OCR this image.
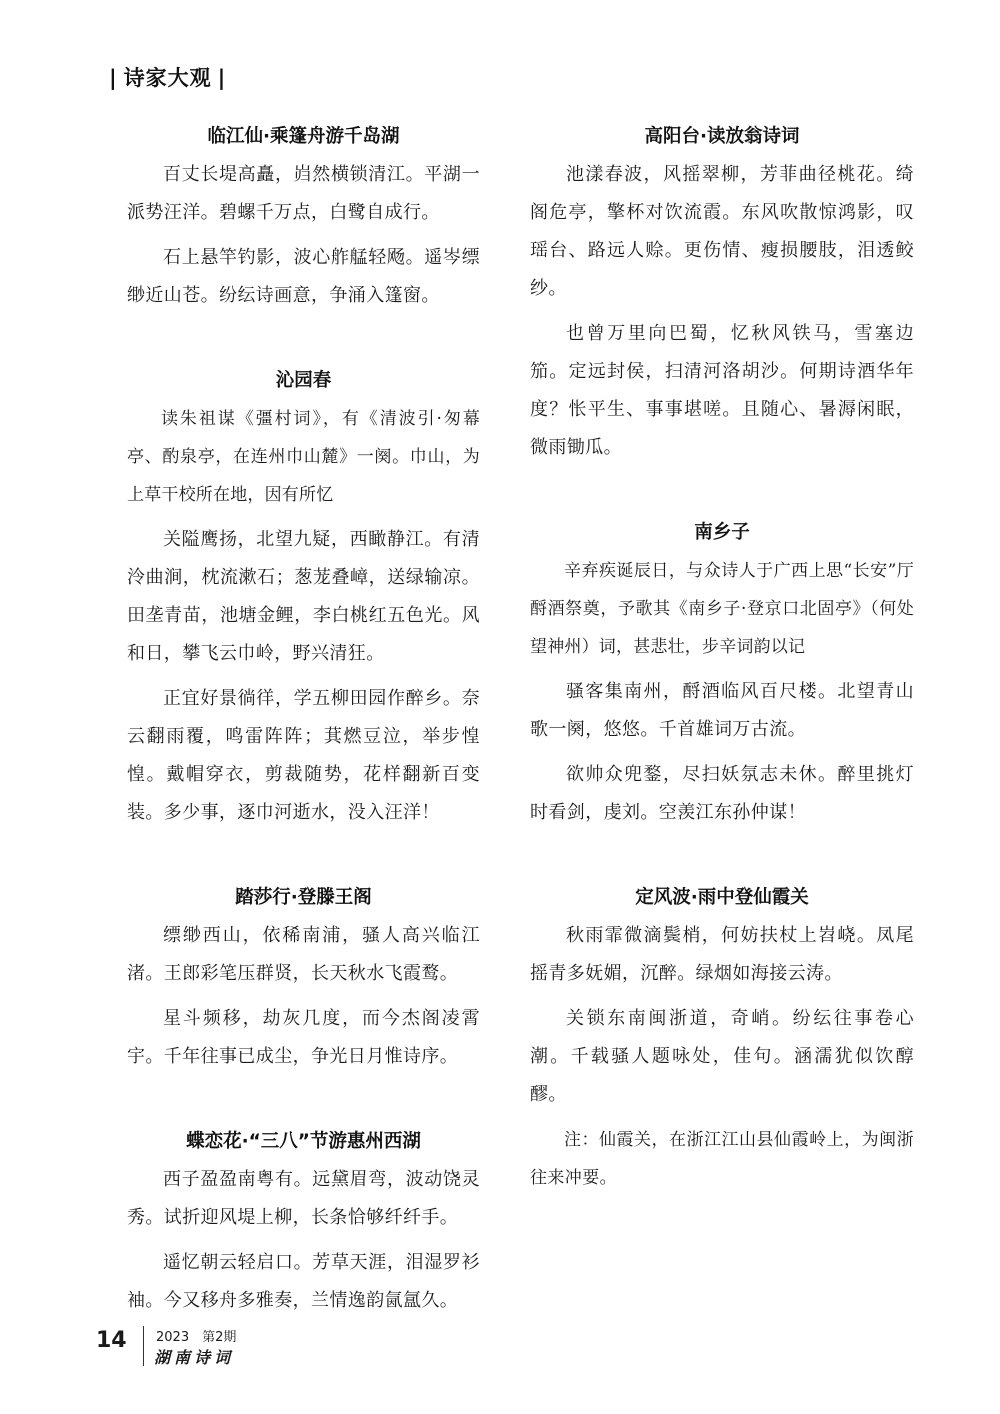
| 诗家大观 |

临江仙·乘篷舟游千岛湖

百丈长堤高矗，岿然横锁清江。平湖一派势汪洋。碧螺千万点，白鹭自成行。

石上悬竿钓影，波心舴艋轻飏。遥岑缥缈近山苍。纷纭诗画意，争涌入篷窗。

沁园春

读朱祖谋《彊村词》，有《清波引·匆幕亭、酌泉亭，在连州巾山麓》一阕。巾山，为上草干校所在地，因有所忆

关隘鹰扬，北望九疑，西瞰静江。有清泠曲涧，枕流漱石；葱茏叠嶂，送绿输凉。田垄青苗，池塘金鲤，李白桃红五色光。风和日，攀飞云巾岭，野兴清狂。

正宜好景徜徉，学五柳田园作醉乡。奈云翻雨覆，鸣雷阵阵；萁燃豆泣，举步惶惶。戴帽穿衣，剪裁随势，花样翻新百变装。多少事，逐巾河逝水，没入汪洋！

踏莎行·登滕王阁

缥缈西山，依稀南浦，骚人高兴临江渚。王郎彩笔压群贤，长天秋水飞霞鹜。

星斗频移，劫灰几度，而今杰阁凌霄宇。千年往事已成尘，争光日月惟诗序。

蝶恋花·“三八”节游惠州西湖

西子盈盈南粤有。远黛眉弯，波动饶灵秀。试折迎风堤上柳，长条恰够纤纤手。

遥忆朝云轻启口。芳草天涯，泪湿罗衫袖。今又移舟多雅奏，兰情逸韵氤氲久。

高阳台·读放翁诗词

池漾春波，风摇翠柳，芳菲曲径桃花。绮阁危亭，擎杯对饮流霞。东风吹散惊鸿影，叹瑶台、路远人赊。更伤情、瘦损腰肢，泪透鲛纱。

也曾万里向巴蜀，忆秋风铁马，雪塞边笳。定远封侯，扫清河洛胡沙。何期诗酒华年度？怅平生、事事堪嗟。且随心、暑溽闲眠，微雨锄瓜。

南乡子

辛弃疾诞辰日，与众诗人于广西上思“长安”厅酹酒祭奠，予歌其《南乡子·登京口北固亭》（何处望神州）词，甚悲壮，步辛词韵以记

骚客集南州，酹酒临风百尺楼。北望青山歌一阕，悠悠。千首雄词万古流。

欲帅众兜鍪，尽扫妖氛志未休。醉里挑灯时看剑，虔刘。空羡江东孙仲谋！

定风波·雨中登仙霞关

秋雨霏微滴鬓梢，何妨扶杖上岧峣。凤尾摇青多妩媚，沉醉。绿烟如海接云涛。

关锁东南闽浙道，奇峭。纷纭往事卷心潮。千载骚人题咏处，佳句。涵濡犹似饮醇醪。

注：仙霞关，在浙江江山县仙霞岭上，为闽浙往来冲要。

14 2023　第2期
湖南诗词
